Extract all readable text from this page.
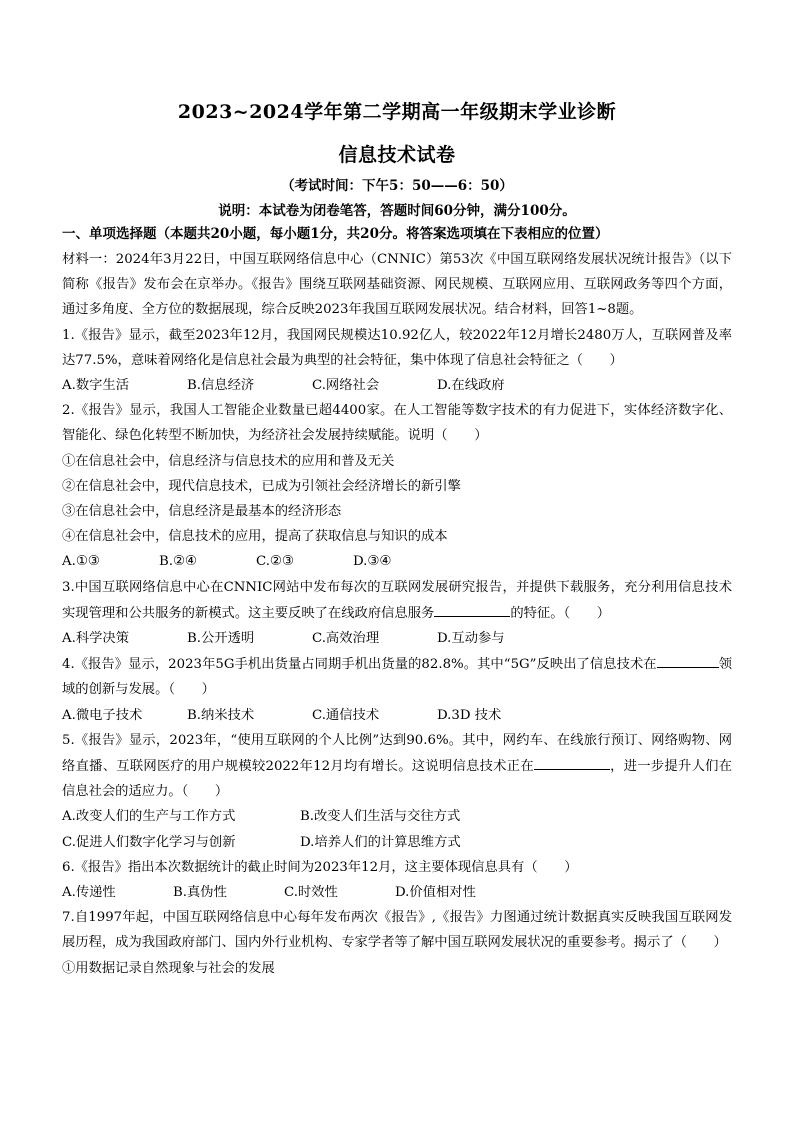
2023~2024学年第二学期高一年级期末学业诊断
信息技术试卷
（考试时间：下午5：50——6：50）
说明：本试卷为闭卷笔答，答题时间60分钟，满分100分。
一、单项选择题（本题共20小题，每小题1分，共20分。将答案选项填在下表相应的位置）

材料一：2024年3月22日，中国互联网络信息中心（CNNIC）第53次《中国互联网络发展状况统计报告》（以下简称《报告》发布会在京举办。《报告》围绕互联网基础资源、网民规模、互联网应用、互联网政务等四个方面，通过多角度、全方位的数据展现，综合反映2023年我国互联网发展状况。结合材料，回答1~8题。

1.《报告》显示，截至2023年12月，我国网民规模达10.92亿人，较2022年12月增长2480万人，互联网普及率达77.5%，意味着网络化是信息社会最为典型的社会特征，集中体现了信息社会特征之（　　）

A.数字生活	B.信息经济	C.网络社会	D.在线政府

2.《报告》显示，我国人工智能企业数量已超4400家。在人工智能等数字技术的有力促进下，实体经济数字化、智能化、绿色化转型不断加快，为经济社会发展持续赋能。说明（　　）

①在信息社会中，信息经济与信息技术的应用和普及无关

②在信息社会中，现代信息技术，已成为引领社会经济增长的新引擎

③在信息社会中，信息经济是最基本的经济形态

④在信息社会中，信息技术的应用，提高了获取信息与知识的成本

A.①③	B.②④	C.②③	D.③④

3.中国互联网络信息中心在CNNIC网站中发布每次的互联网发展研究报告，并提供下载服务，充分利用信息技术实现管理和公共服务的新模式。这主要反映了在线政府信息服务	的特征。（　　）

A.科学决策	B.公开透明	C.高效治理	D.互动参与

4.《报告》显示，2023年5G手机出货量占同期手机出货量的82.8%。其中“5G”反映出了信息技术在	领域的创新与发展。（　　）

A.微电子技术	B.纳米技术	C.通信技术	D.3D 技术

5.《报告》显示，2023年，“使用互联网的个人比例”达到90.6%。其中，网约车、在线旅行预订、网络购物、网络直播、互联网医疗的用户规模较2022年12月均有增长。这说明信息技术正在	，进一步提升人们在信息社会的适应力。（　　）

A.改变人们的生产与工作方式	B.改变人们生活与交往方式
C.促进人们数字化学习与创新	D.培养人们的计算思维方式

6.《报告》指出本次数据统计的截止时间为2023年12月，这主要体现信息具有（　　）

A.传递性	B.真伪性	C.时效性	D.价值相对性

7.自1997年起，中国互联网络信息中心每年发布两次《报告》,《报告》力图通过统计数据真实反映我国互联网发展历程，成为我国政府部门、国内外行业机构、专家学者等了解中国互联网发展状况的重要参考。揭示了（　　）

①用数据记录自然现象与社会的发展
